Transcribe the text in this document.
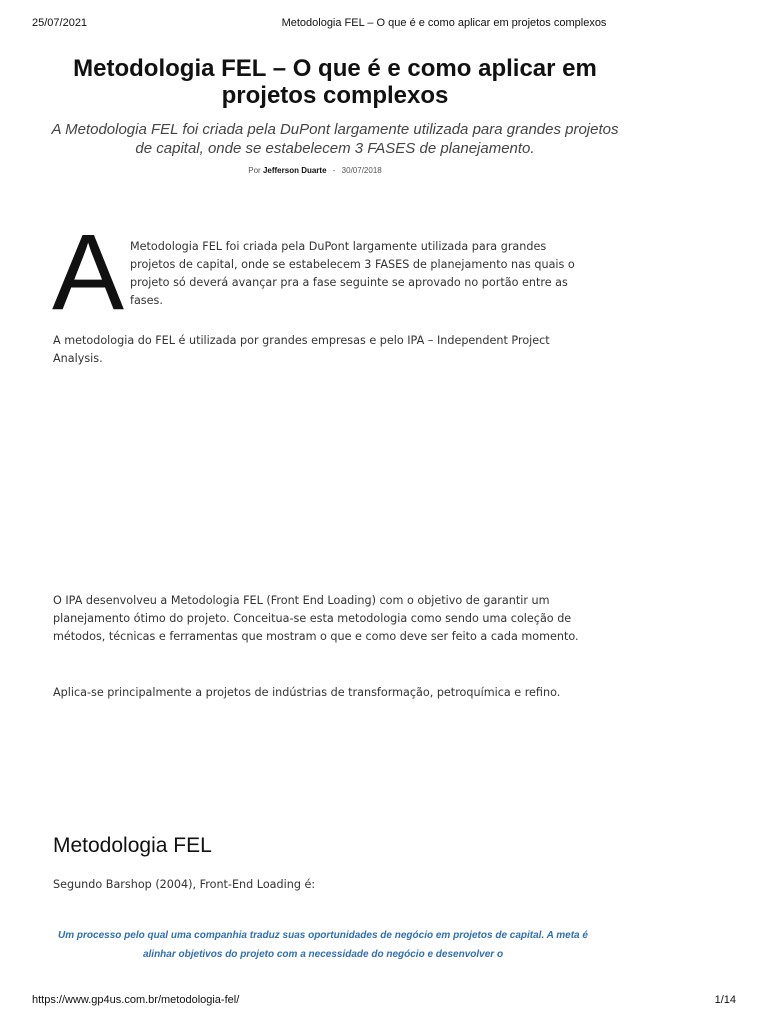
25/07/2021	Metodologia FEL – O que é e como aplicar em projetos complexos
Metodologia FEL – O que é e como aplicar em projetos complexos

A Metodologia FEL foi criada pela DuPont largamente utilizada para grandes projetos de capital, onde se estabelecem 3 FASES de planejamento.

Por Jefferson Duarte - 30/07/2018
A Metodologia FEL foi criada pela DuPont largamente utilizada para grandes projetos de capital, onde se estabelecem 3 FASES de planejamento nas quais o projeto só deverá avançar pra a fase seguinte se aprovado no portão entre as fases.

A metodologia do FEL é utilizada por grandes empresas e pelo IPA – Independent Project Analysis.

O IPA desenvolveu a Metodologia FEL (Front End Loading) com o objetivo de garantir um planejamento ótimo do projeto. Conceitua-se esta metodologia como sendo uma coleção de métodos, técnicas e ferramentas que mostram o que e como deve ser feito a cada momento.

Aplica-se principalmente a projetos de indústrias de transformação, petroquímica e refino.

Metodologia FEL

Segundo Barshop (2004), Front-End Loading é:

Um processo pelo qual uma companhia traduz suas oportunidades de negócio em projetos de capital. A meta é alinhar objetivos do projeto com a necessidade do negócio e desenvolver o

https://www.gp4us.com.br/metodologia-fel/	1/14
